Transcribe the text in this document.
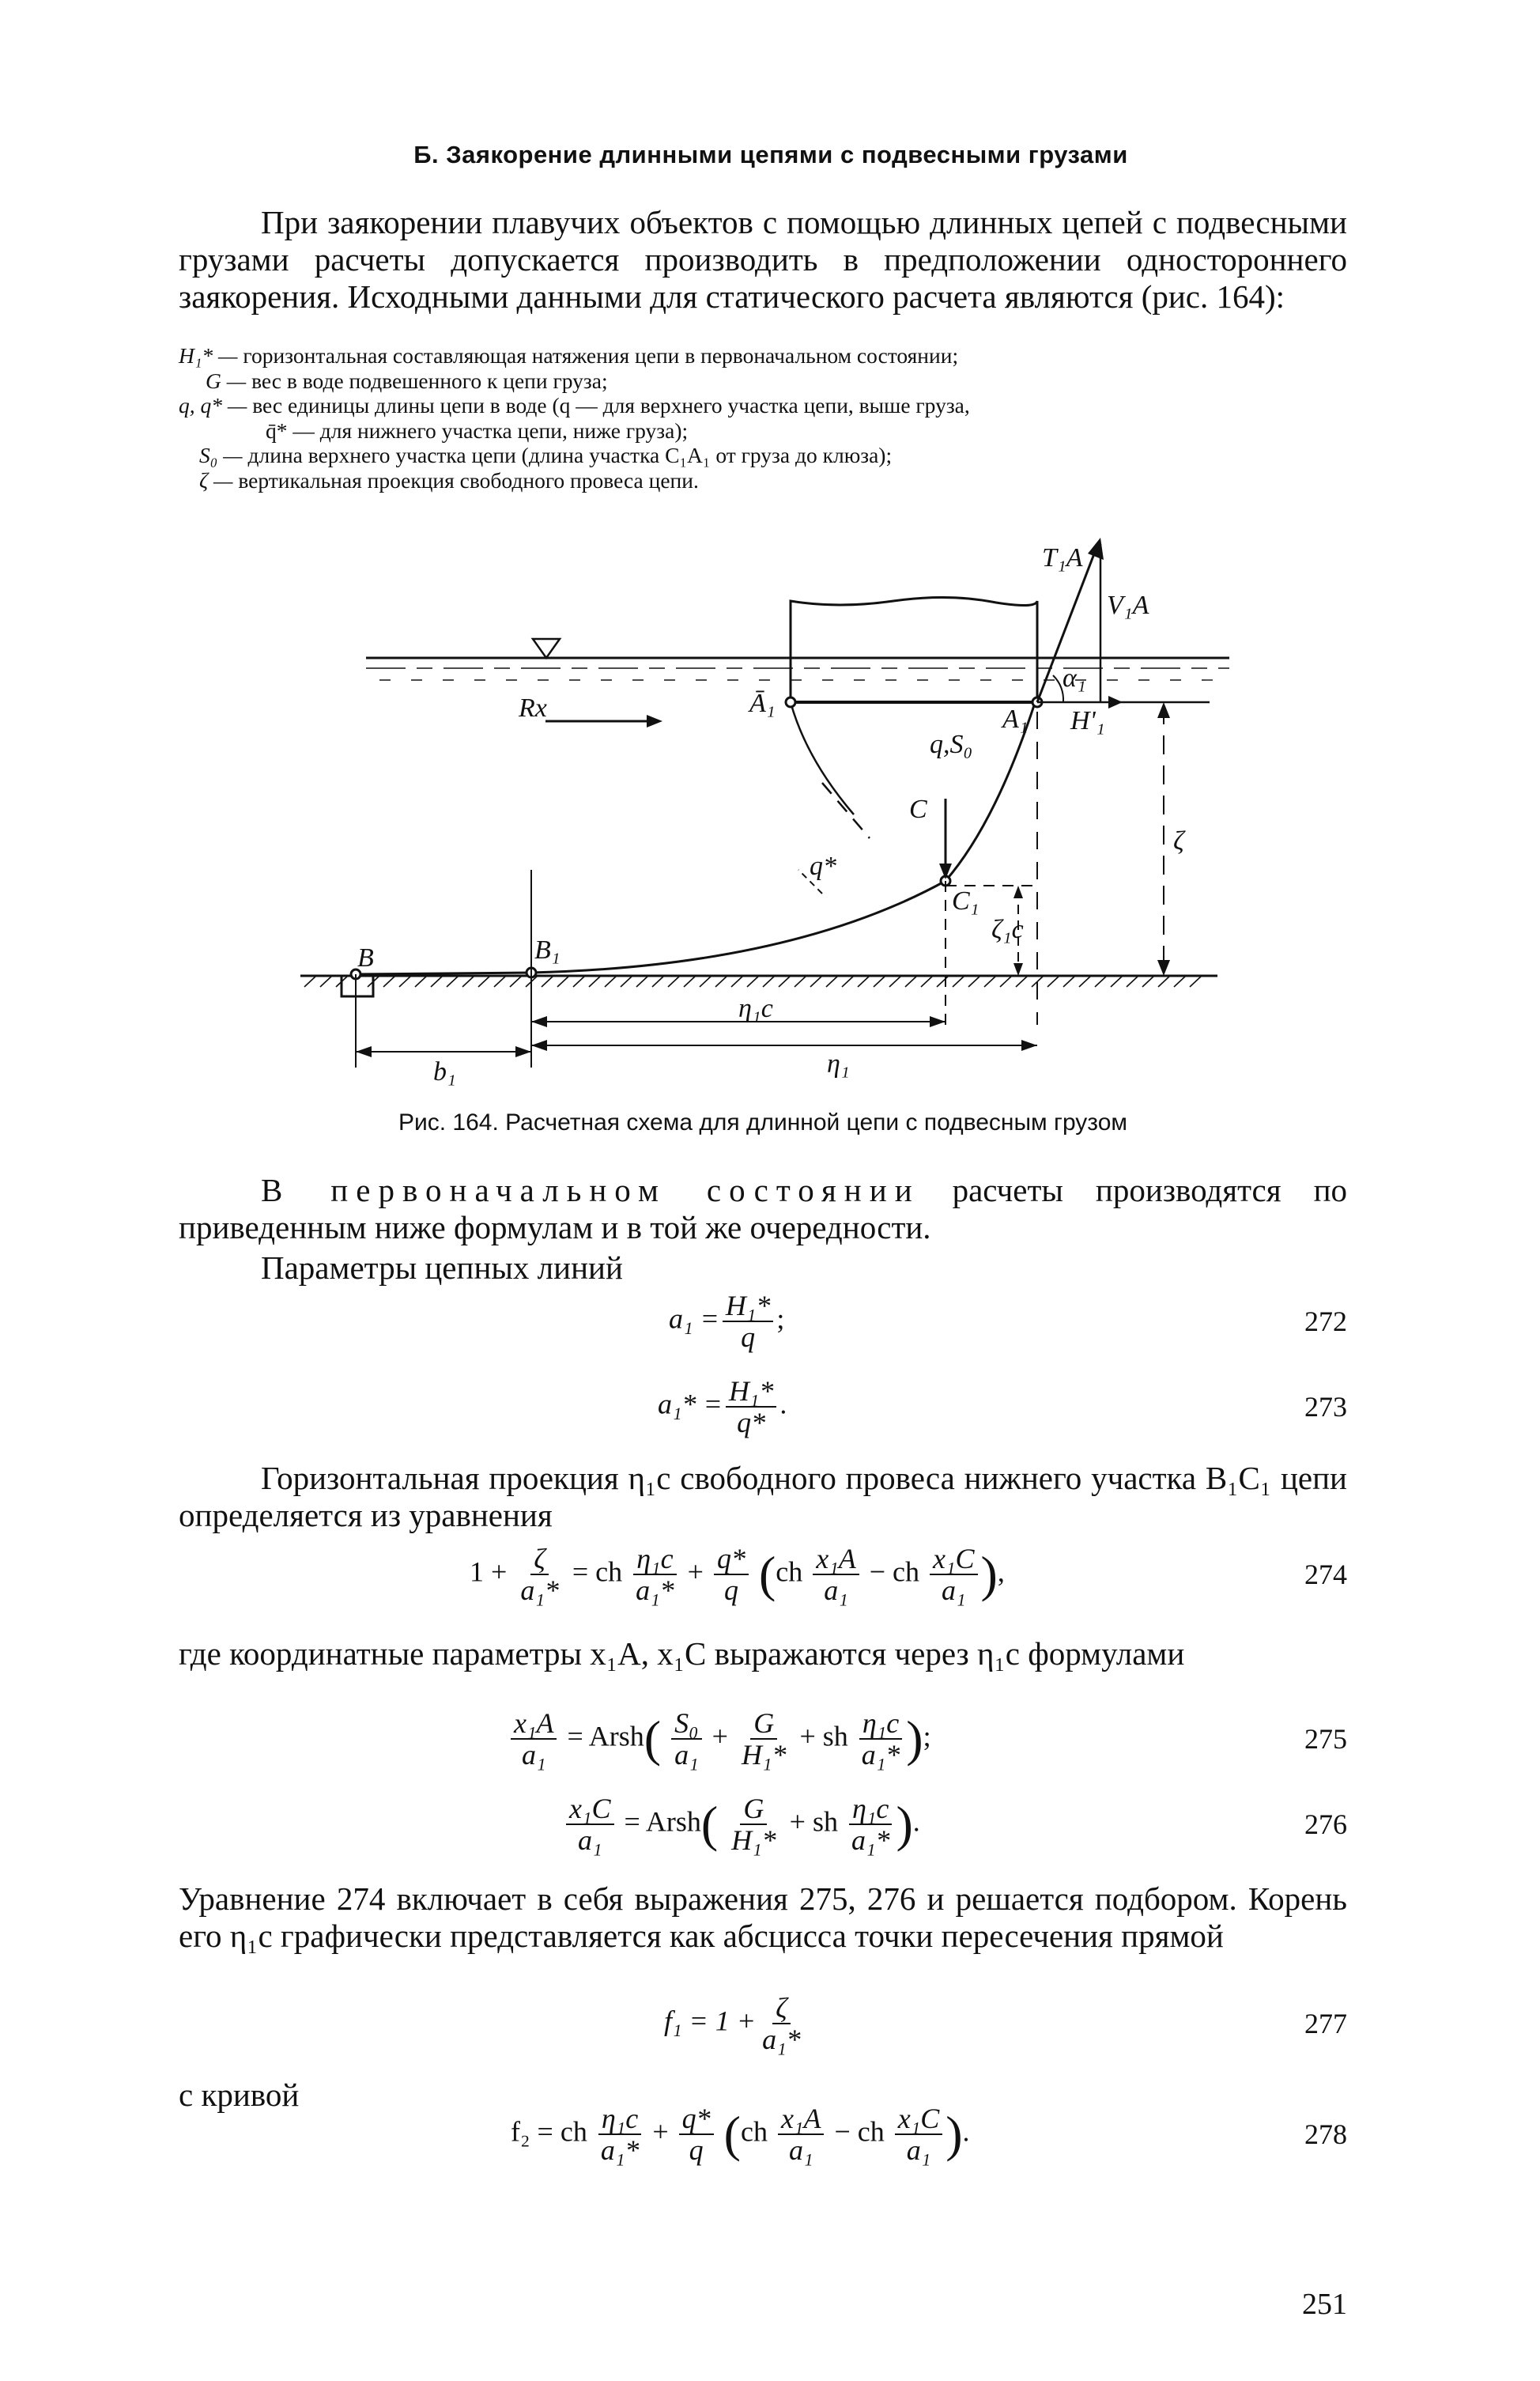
Б. Заякорение длинными цепями с подвесными грузами
При заякорении плавучих объектов с помощью длинных цепей с подвесными грузами расчеты допускается производить в предположении одностороннего заякорения. Исходными данными для статического расчета являются (рис. 164):
H₁* —
горизонтальная составляющая натяжения цепи в первоначальном состоянии;
G —
вес в воде подвешенного к цепи груза;
q, q* —
вес единицы длины цепи в воде (q — для верхнего участка цепи, выше груза,
q̄* — для нижнего участка цепи, ниже груза);
S₀ —
длина верхнего участка цепи (длина участка C₁A₁ от груза до клюза);
ζ —
вертикальная проекция свободного провеса цепи.
T₁A
V₁A
α₁
H'₁
A₁
Ā₁
Rx
q,S₀
C
C₁
q*
B	B₁
ζ
ζ₁c
η₁c
η₁
b₁
Рис. 164. Расчетная схема для длинной цепи с подвесным грузом
В первоначальном состоянии расчеты производятся по приведенным ниже формулам и в той же очередности.
Параметры цепных линий
$a_1 = \frac{\text{H₁*}}{q}$ ;	272
$a_1* = \frac{\text{H₁*}}{q*}$ .	273
Горизонтальная проекция η₁c свободного провеса нижнего участка B₁C₁ цепи определяется из уравнения
$1 + \frac{\zeta}{\text{a₁*}}$ = ch $\frac{\text{η₁c}}{\text{a₁*}} + \frac{q*}{q} (ch \frac{\text{x₁A}}{\text{a₁}}$ − ch $\frac{\text{x₁C}}{\text{a₁}}$ ),	274
где координатные параметры x₁A, x₁C выражаются через η₁c формулами
$\frac{\text{x₁A}}{\text{a₁}}$ = Arsh( $\frac{\text{S₀}}{\text{a₁}} + \frac{G}{\text{H₁*}}$ + sh $\frac{\text{η₁c}}{\text{a₁*}}$ );	275
$\frac{\text{x₁C}}{\text{a₁}}$ = Arsh( $\frac{G}{\text{H₁*}}$ + sh $\frac{\text{η₁c}}{\text{a₁*}}$ ).	276
Уравнение 274 включает в себя выражения 275, 276 и решается подбором. Корень его η₁c графически представляется как абсцисса точки пересечения прямой
$f_1 = 1 + \frac{\zeta}{\text{a₁*}}$	277
с кривой
f₂ = ch $\frac{\text{η₁c}}{\text{a₁*}} + \frac{q*}{q} (ch \frac{\text{x₁A}}{\text{a₁}}$ − ch $\frac{\text{x₁C}}{\text{a₁}}$ ).	278
251
